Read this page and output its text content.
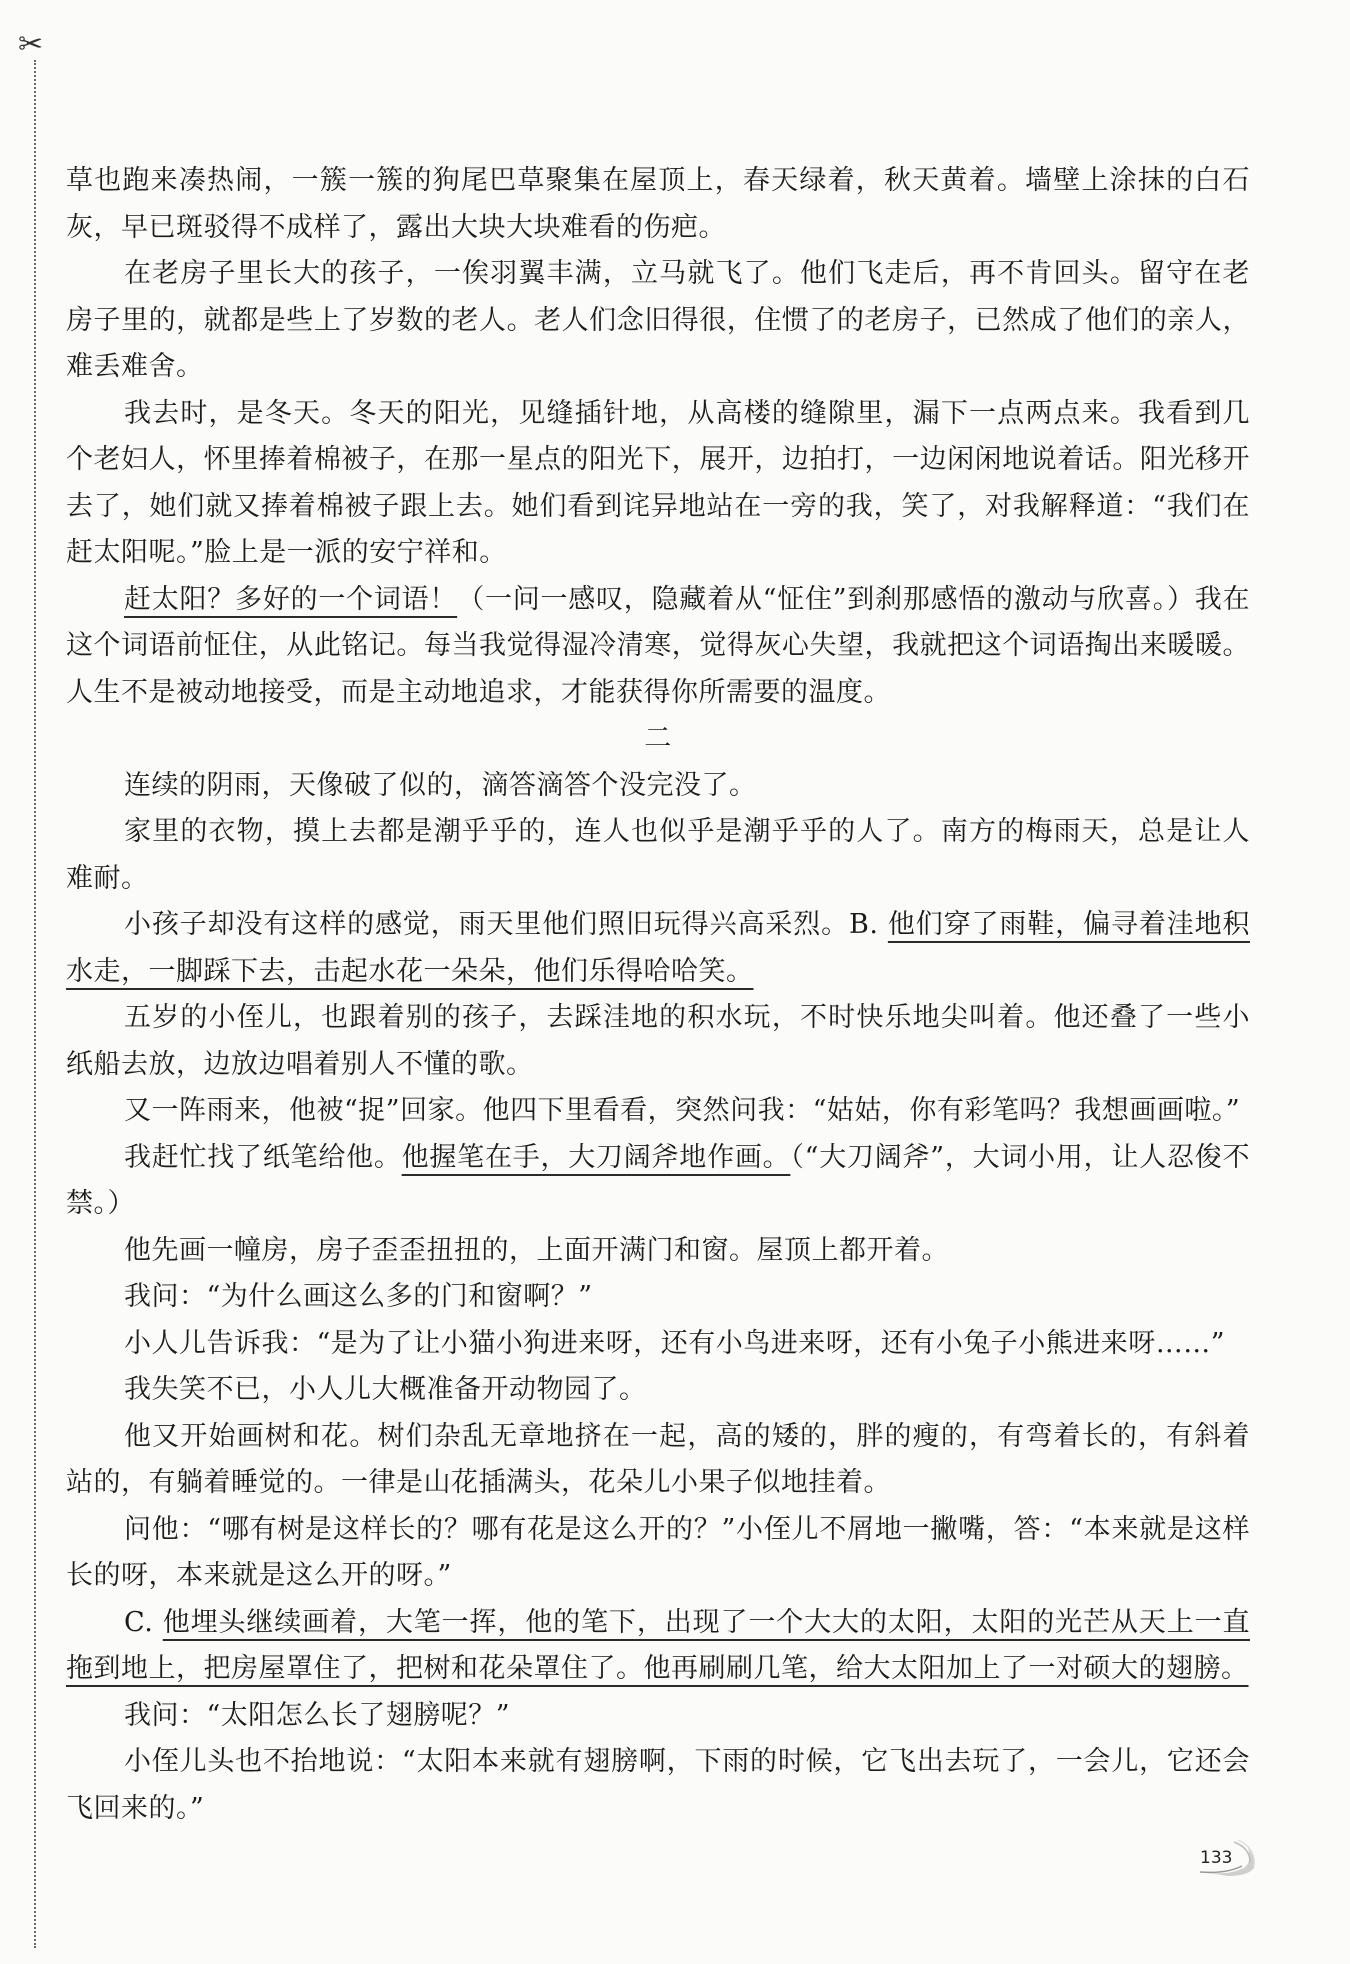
✂

草也跑来凑热闹，一簇一簇的狗尾巴草聚集在屋顶上，春天绿着，秋天黄着。墙壁上涂抹的白石灰，早已斑驳得不成样了，露出大块大块难看的伤疤。

在老房子里长大的孩子，一俟羽翼丰满，立马就飞了。他们飞走后，再不肯回头。留守在老房子里的，就都是些上了岁数的老人。老人们念旧得很，住惯了的老房子，已然成了他们的亲人，难丢难舍。

我去时，是冬天。冬天的阳光，见缝插针地，从高楼的缝隙里，漏下一点两点来。我看到几个老妇人，怀里捧着棉被子，在那一星点的阳光下，展开，边拍打，一边闲闲地说着话。阳光移开去了，她们就又捧着棉被子跟上去。她们看到诧异地站在一旁的我，笑了，对我解释道：“我们在赶太阳呢。”脸上是一派的安宁祥和。

赶太阳？多好的一个词语！（一问一感叹，隐藏着从“怔住”到刹那感悟的激动与欣喜。）我在这个词语前怔住，从此铭记。每当我觉得湿冷清寒，觉得灰心失望，我就把这个词语掏出来暖暖。人生不是被动地接受，而是主动地追求，才能获得你所需要的温度。

二

连续的阴雨，天像破了似的，滴答滴答个没完没了。

家里的衣物，摸上去都是潮乎乎的，连人也似乎是潮乎乎的人了。南方的梅雨天，总是让人难耐。

小孩子却没有这样的感觉，雨天里他们照旧玩得兴高采烈。B. 他们穿了雨鞋，偏寻着洼地积水走，一脚踩下去，击起水花一朵朵，他们乐得哈哈笑。

五岁的小侄儿，也跟着别的孩子，去踩洼地的积水玩，不时快乐地尖叫着。他还叠了一些小纸船去放，边放边唱着别人不懂的歌。

又一阵雨来，他被“捉”回家。他四下里看看，突然问我：“姑姑，你有彩笔吗？我想画画啦。”

我赶忙找了纸笔给他。他握笔在手，大刀阔斧地作画。（“大刀阔斧”，大词小用，让人忍俊不禁。）

他先画一幢房，房子歪歪扭扭的，上面开满门和窗。屋顶上都开着。

我问：“为什么画这么多的门和窗啊？”

小人儿告诉我：“是为了让小猫小狗进来呀，还有小鸟进来呀，还有小兔子小熊进来呀……”

我失笑不已，小人儿大概准备开动物园了。

他又开始画树和花。树们杂乱无章地挤在一起，高的矮的，胖的瘦的，有弯着长的，有斜着站的，有躺着睡觉的。一律是山花插满头，花朵儿小果子似地挂着。

问他：“哪有树是这样长的？哪有花是这么开的？”小侄儿不屑地一撇嘴，答：“本来就是这样长的呀，本来就是这么开的呀。”

C. 他埋头继续画着，大笔一挥，他的笔下，出现了一个大大的太阳，太阳的光芒从天上一直拖到地上，把房屋罩住了，把树和花朵罩住了。他再刷刷几笔，给大太阳加上了一对硕大的翅膀。

我问：“太阳怎么长了翅膀呢？”

小侄儿头也不抬地说：“太阳本来就有翅膀啊，下雨的时候，它飞出去玩了，一会儿，它还会飞回来的。”

133
